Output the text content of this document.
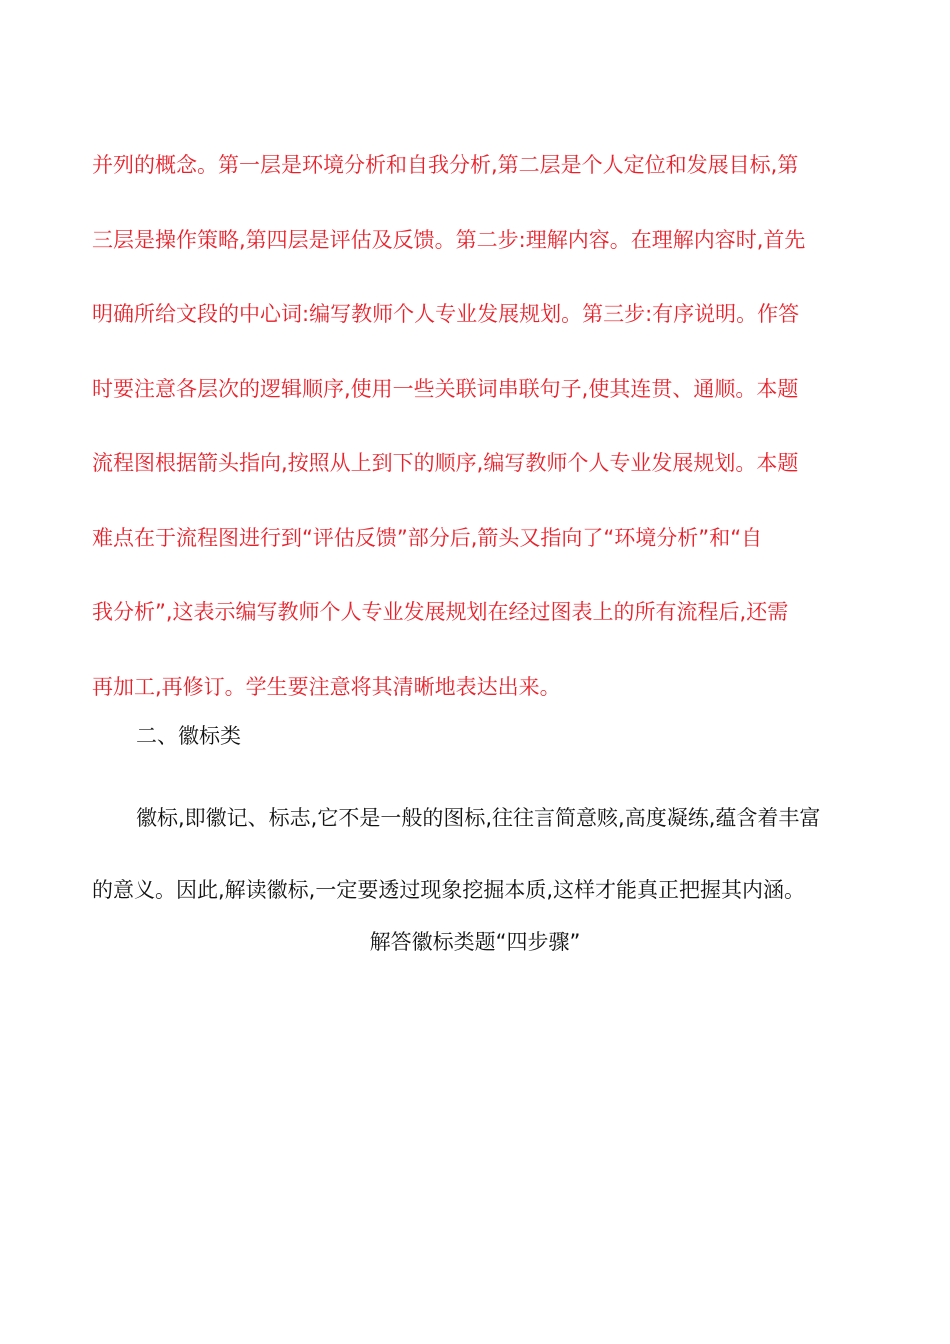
并列的概念。第一层是环境分析和自我分析,第二层是个人定位和发展目标,第
三层是操作策略,第四层是评估及反馈。第二步:理解内容。在理解内容时,首先
明确所给文段的中心词:编写教师个人专业发展规划。第三步:有序说明。作答
时要注意各层次的逻辑顺序,使用一些关联词串联句子,使其连贯、通顺。本题
流程图根据箭头指向,按照从上到下的顺序,编写教师个人专业发展规划。本题
难点在于流程图进行到“评估反馈”部分后,箭头又指向了“环境分析”和“自
我分析”,这表示编写教师个人专业发展规划在经过图表上的所有流程后,还需
再加工,再修订。学生要注意将其清晰地表达出来。
二、徽标类
徽标,即徽记、标志,它不是一般的图标,往往言简意赅,高度凝练,蕴含着丰富
的意义。因此,解读徽标,一定要透过现象挖掘本质,这样才能真正把握其内涵。
解答徽标类题“四步骤”
